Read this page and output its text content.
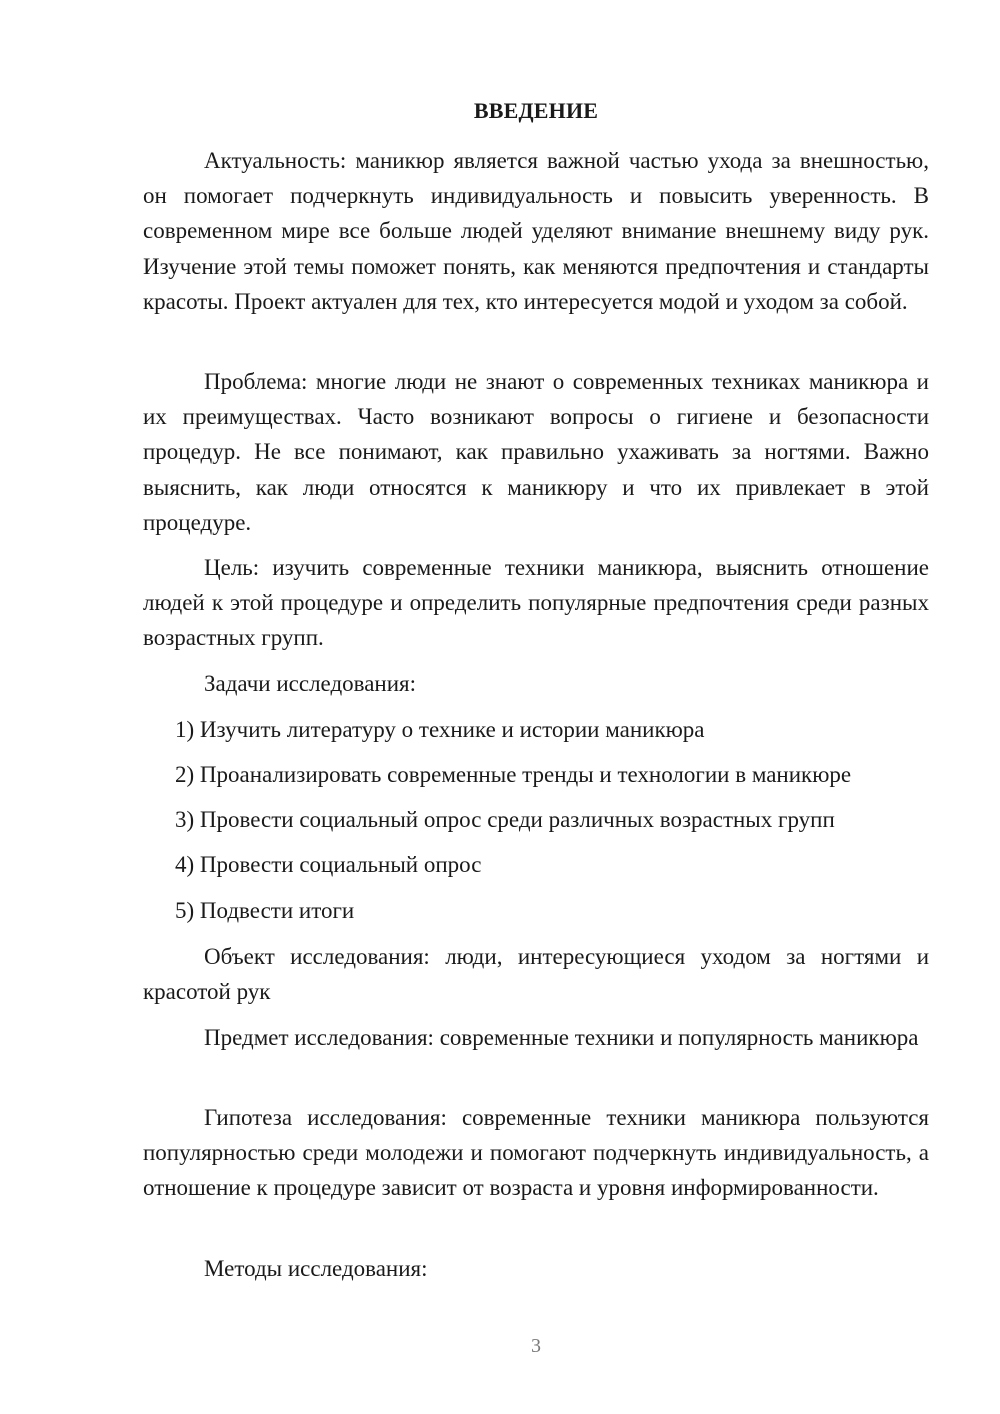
ВВЕДЕНИЕ

Актуальность: маникюр является важной частью ухода за внешностью, он помогает подчеркнуть индивидуальность и повысить уверенность. В современном мире все больше людей уделяют внимание внешнему виду рук. Изучение этой темы поможет понять, как меняются предпочтения и стандарты красоты. Проект актуален для тех, кто интересуется модой и уходом за собой.

Проблема: многие люди не знают о современных техниках маникюра и их преимуществах. Часто возникают вопросы о гигиене и безопасности процедур. Не все понимают, как правильно ухаживать за ногтями. Важно выяснить, как люди относятся к маникюру и что их привлекает в этой процедуре.

Цель: изучить современные техники маникюра, выяснить отношение людей к этой процедуре и определить популярные предпочтения среди разных возрастных групп.

Задачи исследования:

1) Изучить литературу о технике и истории маникюра

2) Проанализировать современные тренды и технологии в маникюре

3) Провести социальный опрос среди различных возрастных групп

4) Провести социальный опрос

5) Подвести итоги

Объект исследования: люди, интересующиеся уходом за ногтями и красотой рук

Предмет исследования: современные техники и популярность маникюра

Гипотеза исследования: современные техники маникюра пользуются популярностью среди молодежи и помогают подчеркнуть индивидуальность, а отношение к процедуре зависит от возраста и уровня информированности.

Методы исследования:

3
